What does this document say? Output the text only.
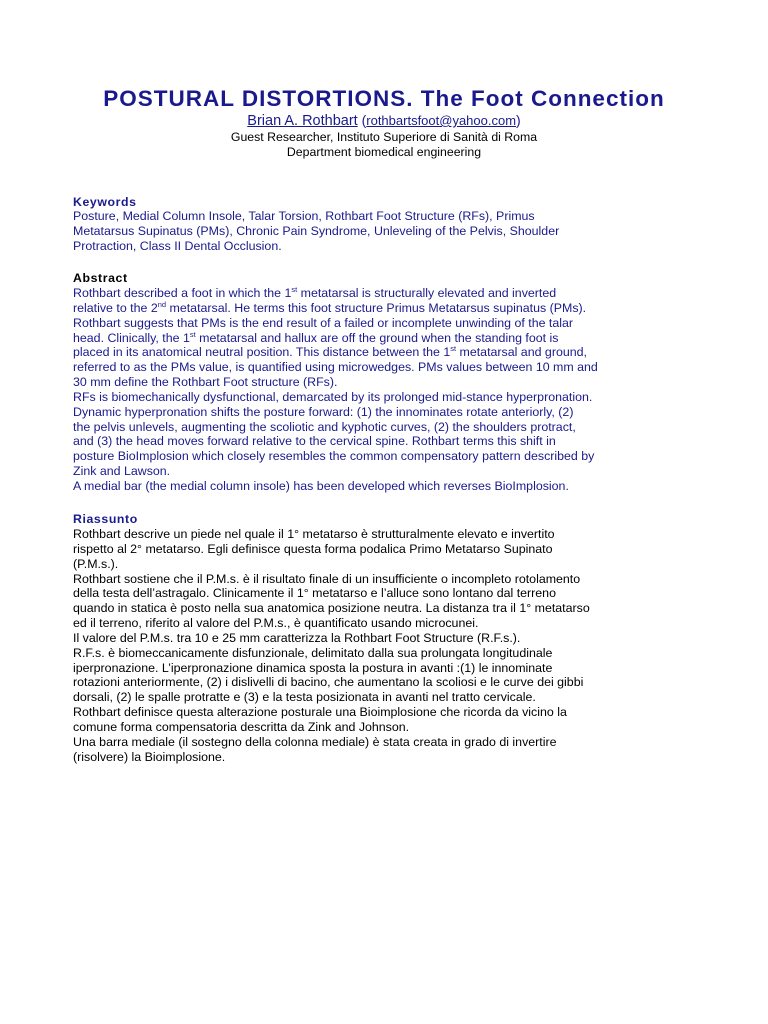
POSTURAL DISTORTIONS. The Foot Connection
Brian A. Rothbart (rothbartsfoot@yahoo.com)
Guest Researcher, Instituto Superiore di Sanità di Roma
Department biomedical engineering
Keywords
Posture, Medial Column Insole, Talar Torsion, Rothbart Foot Structure (RFs), Primus
Metatarsus Supinatus (PMs), Chronic Pain Syndrome, Unleveling of the Pelvis, Shoulder
Protraction, Class II Dental Occlusion.
Abstract
Rothbart described a foot in which the 1st metatarsal is structurally elevated and inverted
relative to the 2nd metatarsal. He terms this foot structure Primus Metatarsus supinatus (PMs).
Rothbart suggests that PMs is the end result of a failed or incomplete unwinding of the talar
head. Clinically, the 1st metatarsal and hallux are off the ground when the standing foot is
placed in its anatomical neutral position. This distance between the 1st metatarsal and ground,
referred to as the PMs value, is quantified using microwedges. PMs values between 10 mm and
30 mm define the Rothbart Foot structure (RFs).
RFs is biomechanically dysfunctional, demarcated by its prolonged mid-stance hyperpronation.
Dynamic hyperpronation shifts the posture forward: (1) the innominates rotate anteriorly, (2)
the pelvis unlevels, augmenting the scoliotic and kyphotic curves, (2) the shoulders protract,
and (3) the head moves forward relative to the cervical spine. Rothbart terms this shift in
posture BioImplosion which closely resembles the common compensatory pattern described by
Zink and Lawson.
A medial bar (the medial column insole) has been developed which reverses BioImplosion.
Riassunto
Rothbart descrive un piede nel quale il 1° metatarso è strutturalmente elevato e invertito
rispetto al 2° metatarso. Egli definisce questa forma podalica Primo Metatarso Supinato
(P.M.s.).
Rothbart sostiene che il P.M.s. è il risultato finale di un insufficiente o incompleto rotolamento
della testa dell’astragalo. Clinicamente il 1° metatarso e l’alluce sono lontano dal terreno
quando in statica è posto nella sua anatomica posizione neutra. La distanza tra il 1° metatarso
ed il terreno, riferito al valore del P.M.s., è quantificato usando microcunei.
Il valore del P.M.s. tra 10 e 25 mm caratterizza la Rothbart Foot Structure (R.F.s.).
R.F.s. è biomeccanicamente disfunzionale, delimitato dalla sua prolungata longitudinale
iperpronazione. L’iperpronazione dinamica sposta la postura in avanti :(1) le innominate
rotazioni anteriormente, (2) i dislivelli di bacino, che aumentano la scoliosi e le curve dei gibbi
dorsali, (2) le spalle protratte e (3) e la testa posizionata in avanti nel tratto cervicale.
Rothbart definisce questa alterazione posturale una Bioimplosione che ricorda da vicino la
comune forma compensatoria descritta da Zink and Johnson.
Una barra mediale (il sostegno della colonna mediale) è stata creata in grado di invertire
(risolvere) la Bioimplosione.
